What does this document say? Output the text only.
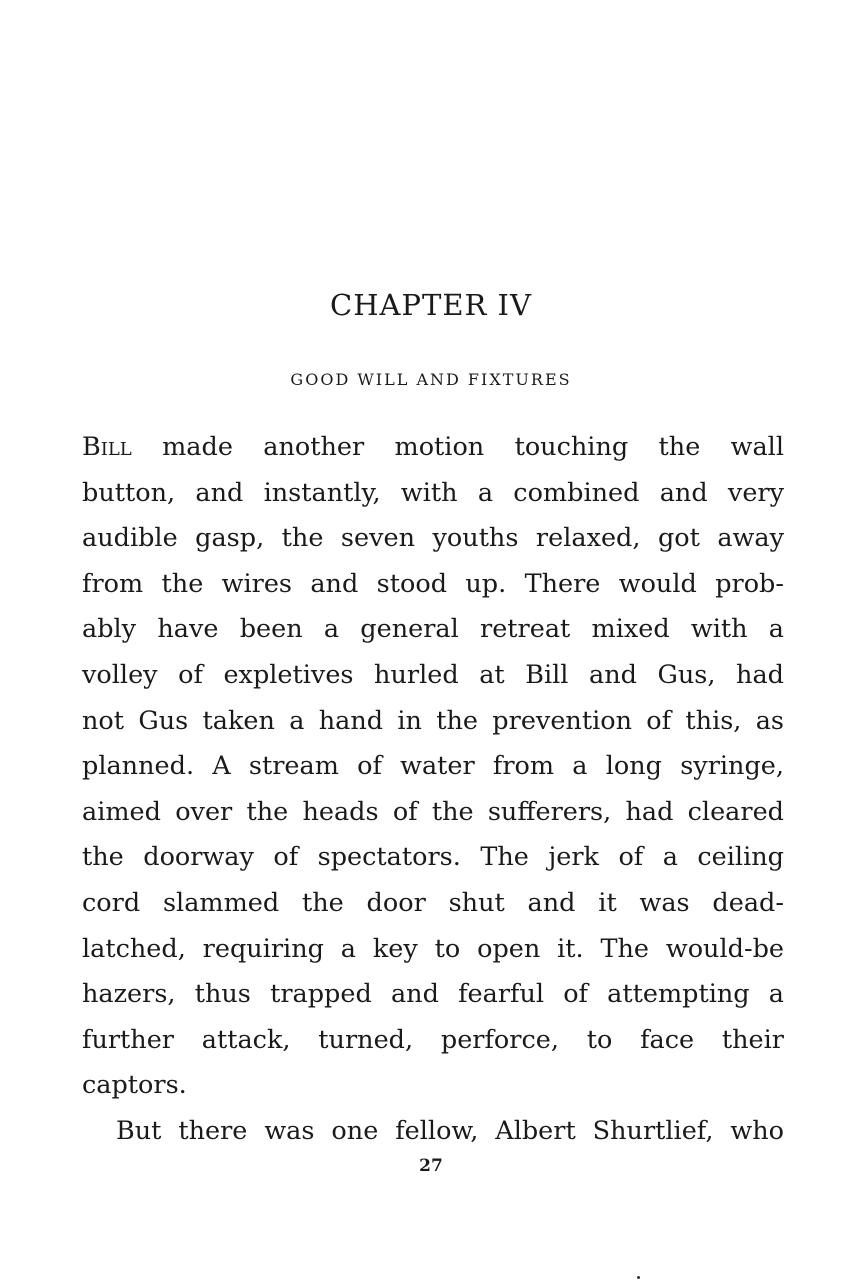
CHAPTER IV
GOOD WILL AND FIXTURES
Bill made another motion touching the wall
button, and instantly, with a combined and very
audible gasp, the seven youths relaxed, got away
from the wires and stood up. There would prob-
ably have been a general retreat mixed with a
volley of expletives hurled at Bill and Gus, had
not Gus taken a hand in the prevention of this, as
planned. A stream of water from a long syringe,
aimed over the heads of the sufferers, had cleared
the doorway of spectators. The jerk of a ceiling
cord slammed the door shut and it was dead-
latched, requiring a key to open it. The would-be
hazers, thus trapped and fearful of attempting a
further attack, turned, perforce, to face their
captors.
But there was one fellow, Albert Shurtlief, who
27
